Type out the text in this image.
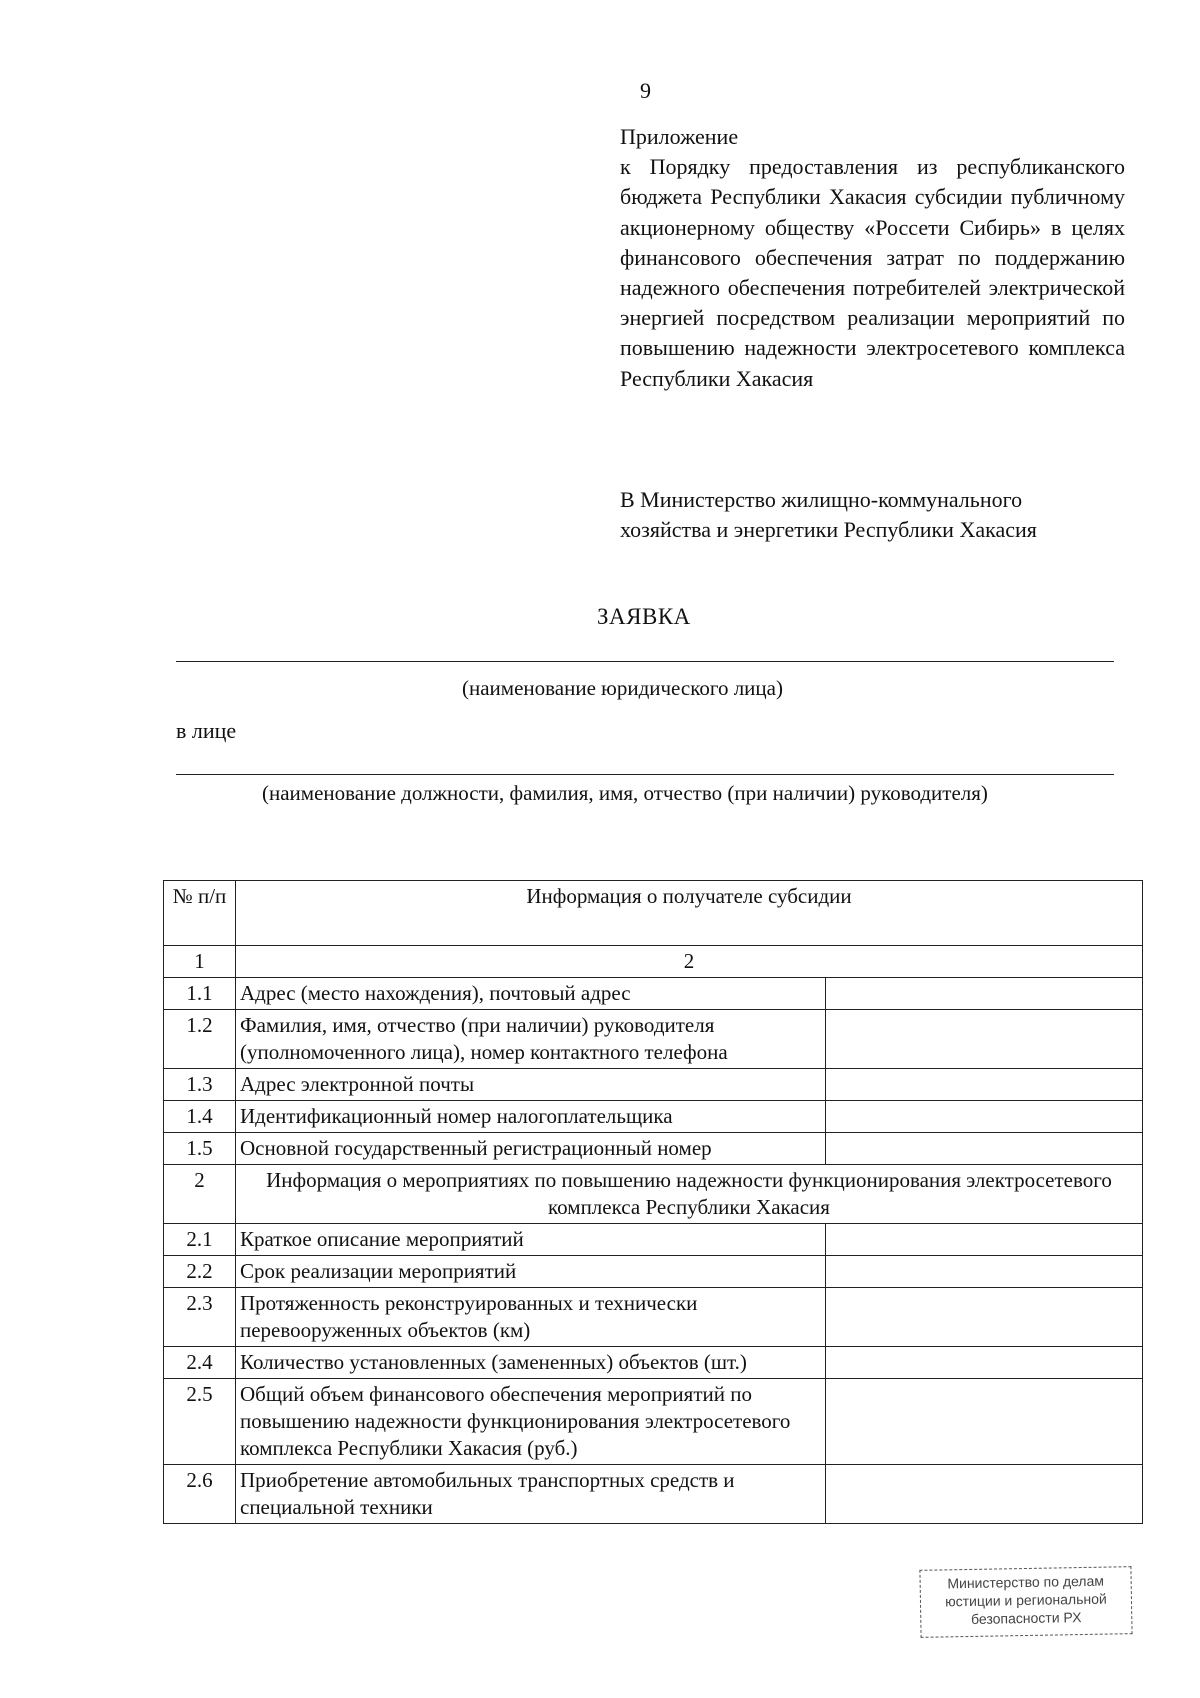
9
Приложение
к Порядку предоставления из республиканского бюджета Республики Хакасия субсидии публичному акционерному обществу «Россети Сибирь» в целях финансового обеспечения затрат по поддержанию надежного обеспечения потребителей электрической энергией посредством реализации мероприятий по повышению надежности электросетевого комплекса Республики Хакасия
В Министерство жилищно-коммунального
хозяйства и энергетики Республики Хакасия
ЗАЯВКА
(наименование юридического лица)
в лице
(наименование должности, фамилия, имя, отчество (при наличии) руководителя)
№ п/п	Информация о получателе субсидии	
1	2	
1.1	Адрес (место нахождения), почтовый адрес	
1.2	Фамилия, имя, отчество (при наличии) руководителя (уполномоченного лица), номер контактного телефона	
1.3	Адрес электронной почты	
1.4	Идентификационный номер налогоплательщика	
1.5	Основной государственный регистрационный номер	
2	Информация о мероприятиях по повышению надежности функционирования электросетевого комплекса Республики Хакасия	
2.1	Краткое описание мероприятий	
2.2	Срок реализации мероприятий	
2.3	Протяженность реконструированных и технически перевооруженных объектов (км)	
2.4	Количество установленных (замененных) объектов (шт.)	
2.5	Общий объем финансового обеспечения мероприятий по повышению надежности функционирования электросетевого комплекса Республики Хакасия (руб.)	
2.6	Приобретение автомобильных транспортных средств и специальной техники	
Министерство по делам
юстиции и региональной
безопасности РХ
